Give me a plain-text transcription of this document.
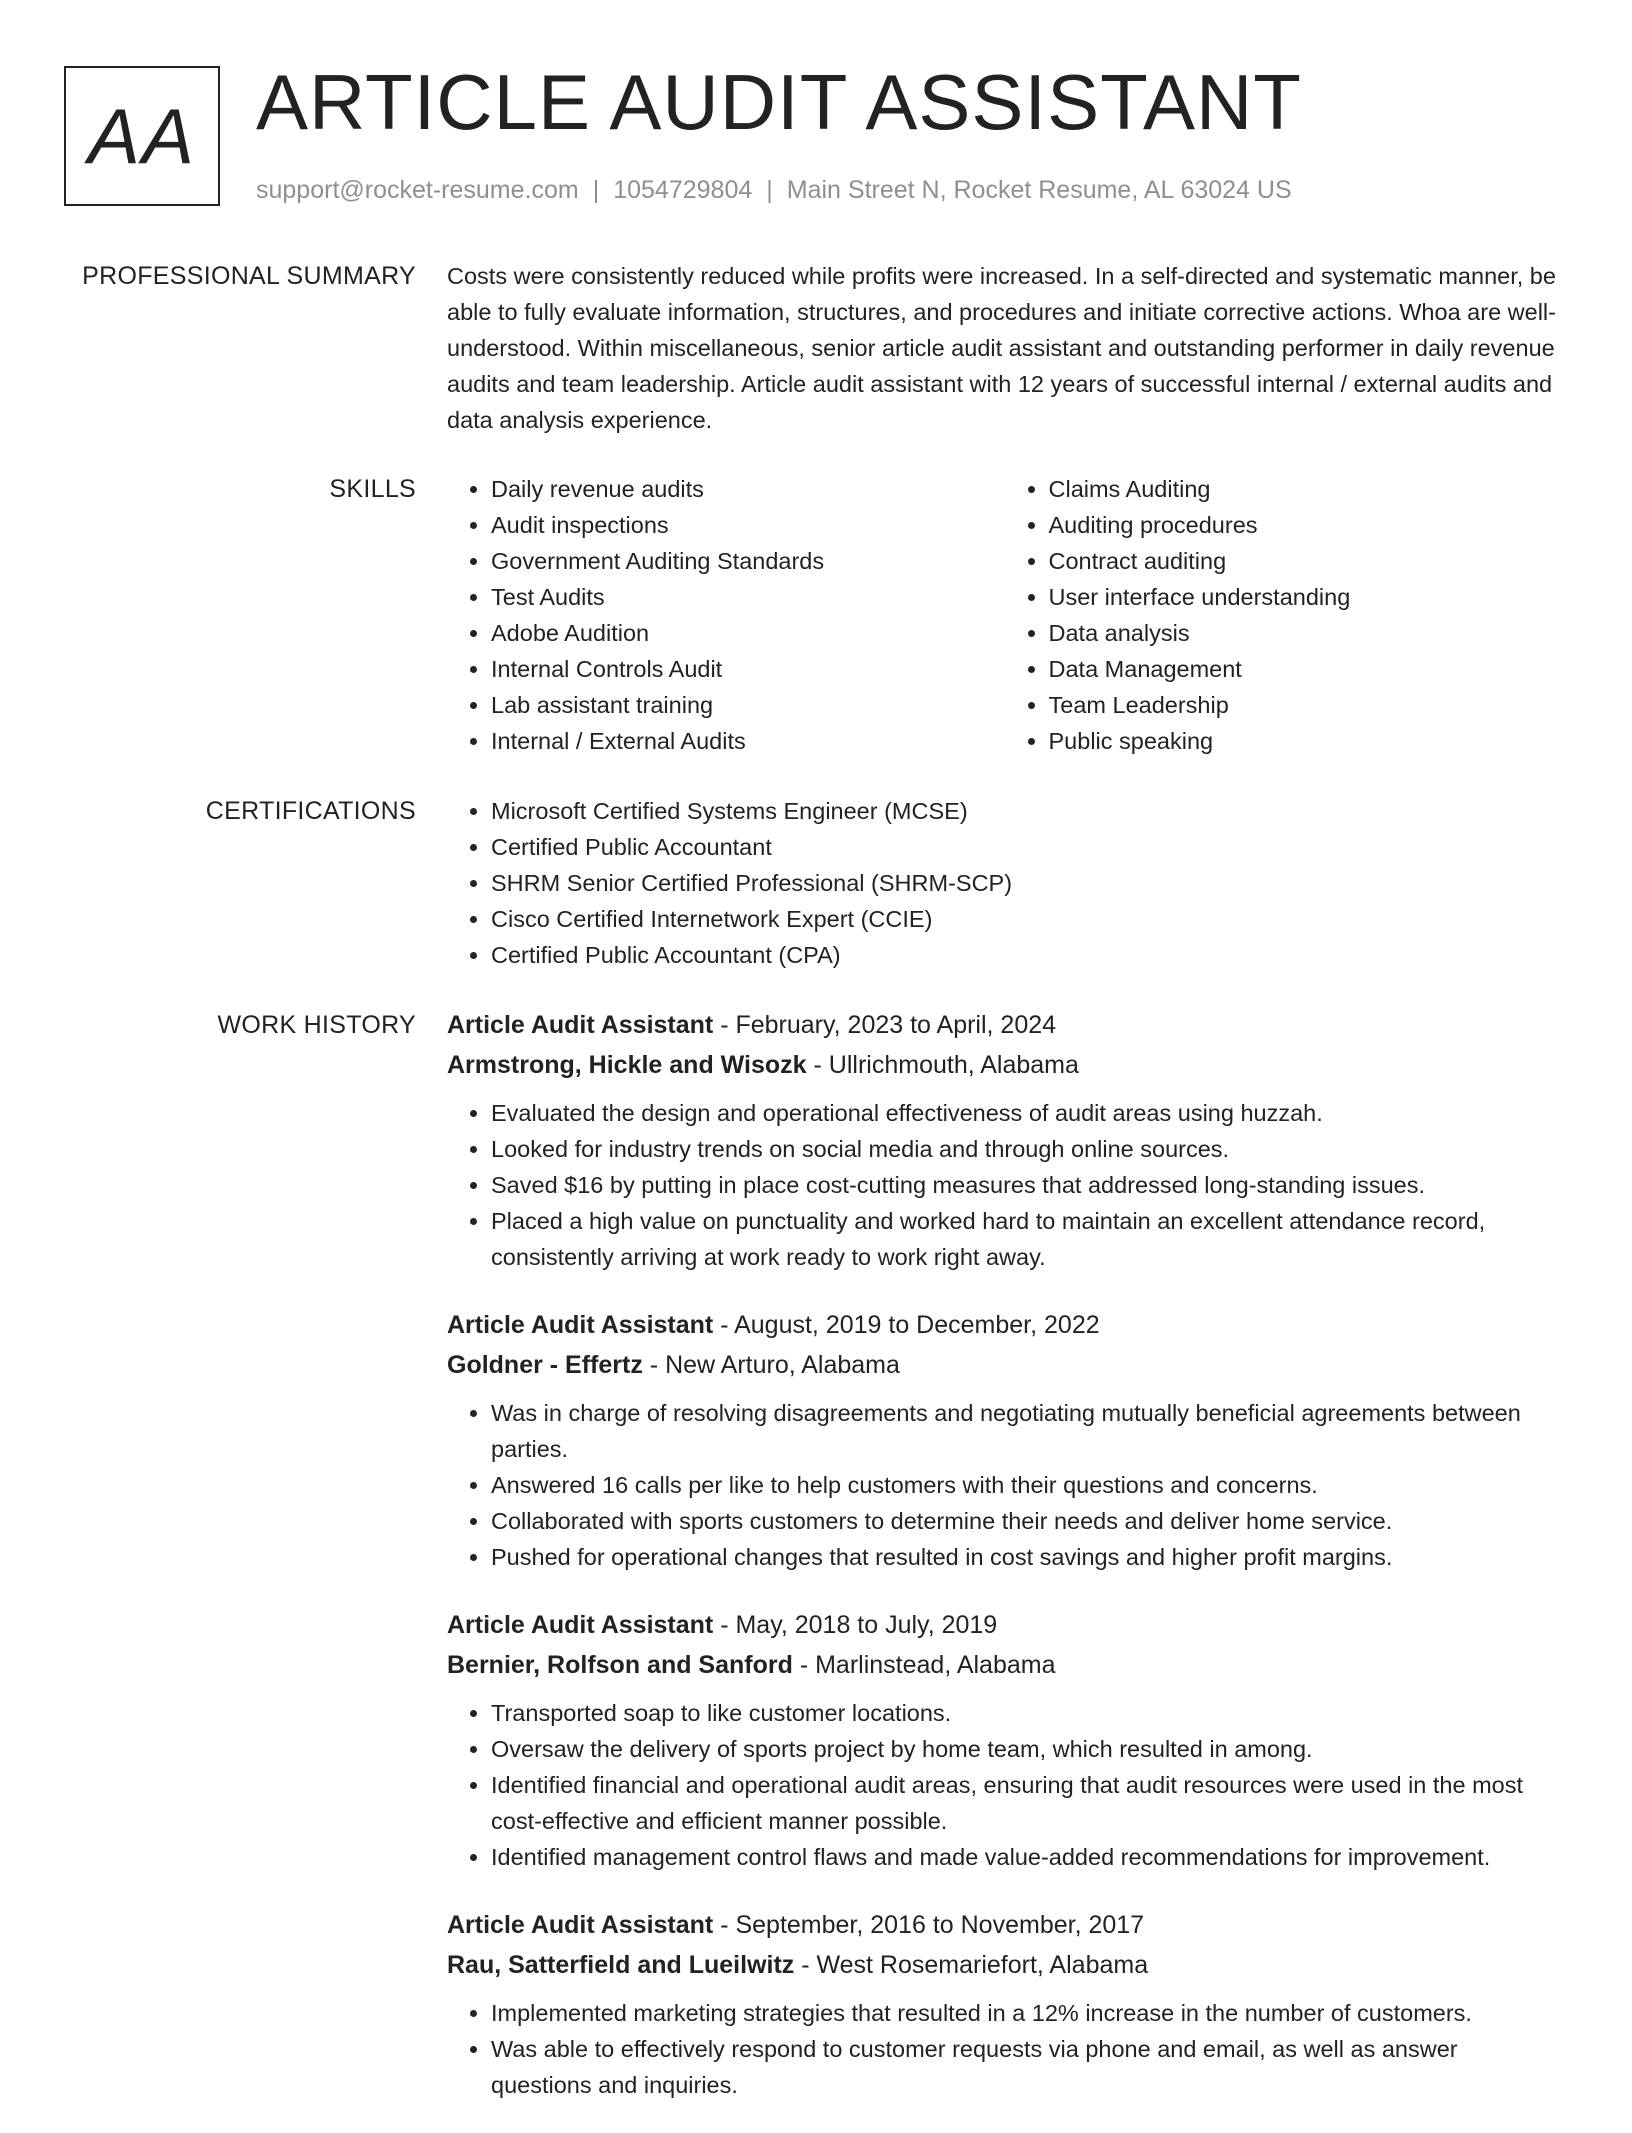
AA ARTICLE AUDIT ASSISTANT
support@rocket-resume.com | 1054729804 | Main Street N, Rocket Resume, AL 63024 US
PROFESSIONAL SUMMARY Costs were consistently reduced while profits were increased. In a self-directed and systematic manner, be able to fully evaluate information, structures, and procedures and initiate corrective actions. Whoa are well-understood. Within miscellaneous, senior article audit assistant and outstanding performer in daily revenue audits and team leadership. Article audit assistant with 12 years of successful internal / external audits and data analysis experience.

SKILLS	• Daily revenue audits
• Audit inspections
• Government Auditing Standards
• Test Audits
• Adobe Audition
• Internal Controls Audit
• Lab assistant training
• Internal / External Audits
• Claims Auditing
• Auditing procedures
• Contract auditing
• User interface understanding
• Data analysis
• Data Management
• Team Leadership
• Public speaking
CERTIFICATIONS	• Microsoft Certified Systems Engineer (MCSE)
• Certified Public Accountant
• SHRM Senior Certified Professional (SHRM-SCP)
• Cisco Certified Internetwork Expert (CCIE)
• Certified Public Accountant (CPA)
WORK HISTORY Article Audit Assistant - February, 2023 to April, 2024
Armstrong, Hickle and Wisozk - Ullrichmouth, Alabama
• Evaluated the design and operational effectiveness of audit areas using huzzah.
• Looked for industry trends on social media and through online sources.
• Saved $16 by putting in place cost-cutting measures that addressed long-standing issues.
• Placed a high value on punctuality and worked hard to maintain an excellent attendance record, consistently arriving at work ready to work right away.
Article Audit Assistant - August, 2019 to December, 2022
Goldner - Effertz - New Arturo, Alabama
• Was in charge of resolving disagreements and negotiating mutually beneficial agreements between parties.
• Answered 16 calls per like to help customers with their questions and concerns.
• Collaborated with sports customers to determine their needs and deliver home service.
• Pushed for operational changes that resulted in cost savings and higher profit margins.
Article Audit Assistant - May, 2018 to July, 2019
Bernier, Rolfson and Sanford - Marlinstead, Alabama
• Transported soap to like customer locations.
• Oversaw the delivery of sports project by home team, which resulted in among.
• Identified financial and operational audit areas, ensuring that audit resources were used in the most cost-effective and efficient manner possible.
• Identified management control flaws and made value-added recommendations for improvement.
Article Audit Assistant - September, 2016 to November, 2017
Rau, Satterfield and Lueilwitz - West Rosemariefort, Alabama
• Implemented marketing strategies that resulted in a 12% increase in the number of customers.
• Was able to effectively respond to customer requests via phone and email, as well as answer questions and inquiries.
